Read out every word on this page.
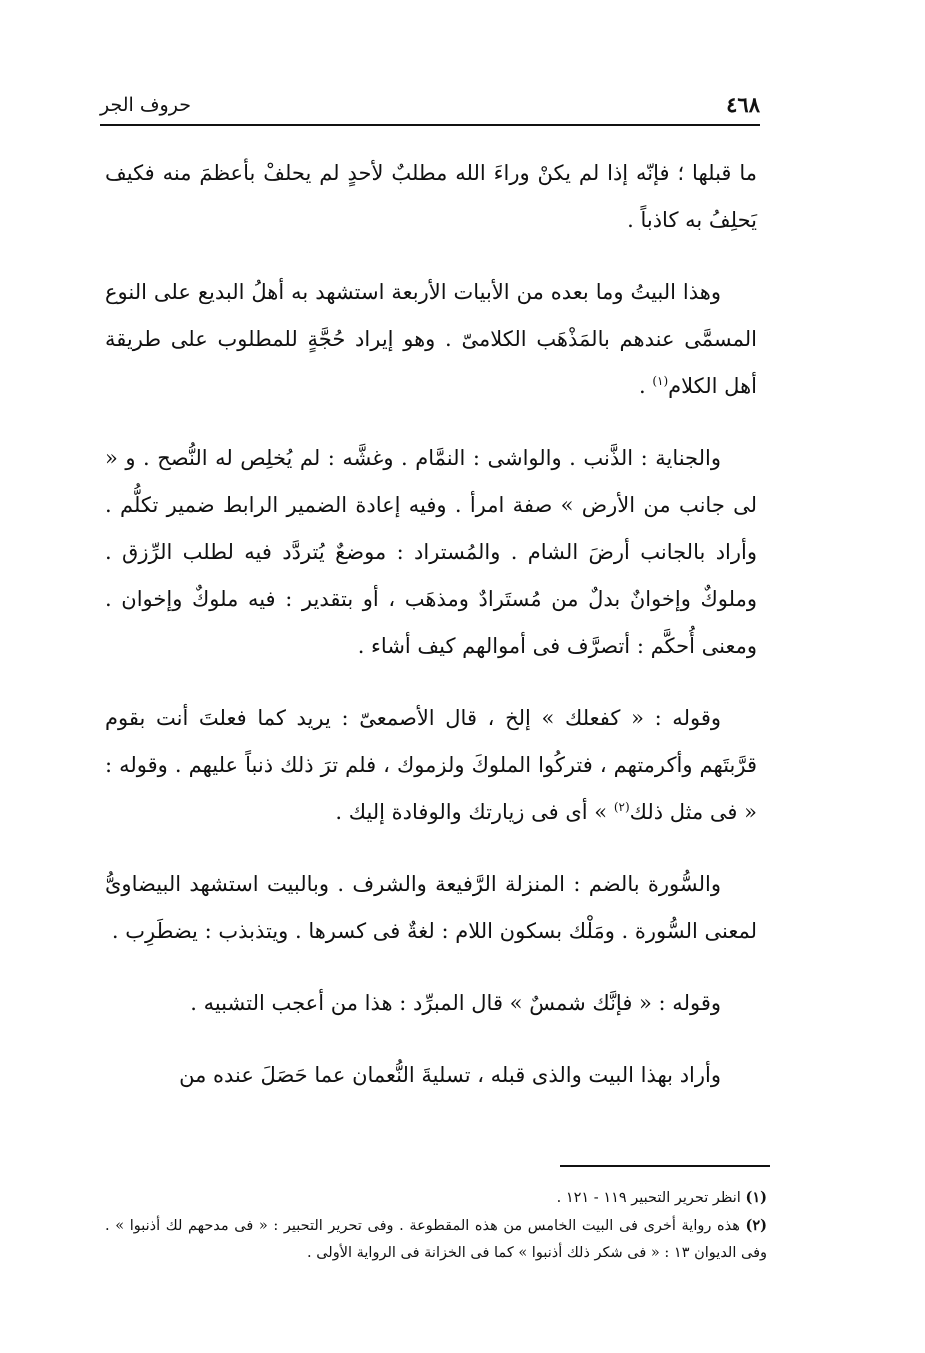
٤٦٨
حروف الجر

ما قبلها ؛ فإنّه إذا لم يكنْ وراءَ الله مطلبٌ لأحدٍ لم يحلفْ بأعظمَ منه فكيف يَحلِفُ به كاذباً .

وهذا البيتُ وما بعده من الأبيات الأربعة استشهد به أهلُ البديع على النوع المسمَّى عندهم بالمَذْهَب الكلامىّ . وهو إيراد حُجَّةٍ للمطلوب على طريقة أهل الكلام$^{(١)}$ .

والجناية : الذَّنب . والواشى : النمَّام . وغشَّه : لم يُخلِص له النُّصح . و « لى جانب من الأرض » صفة امرأ . وفيه إعادة الضمير الرابط ضمير تكلُّم . وأراد بالجانب أرضَ الشام . والمُستراد : موضعٌ يُتردَّد فيه لطلب الرِّزق . وملوكٌ وإخوانٌ بدلٌ من مُستَرادٌ ومذهَب ، أو بتقدير : فيه ملوكٌ وإخوان . ومعنى أُحكَّم : أتصرَّف فى أموالهم كيف أشاء .

وقوله : « كفعلك » إلخ ، قال الأصمعىّ : يريد كما فعلتَ أنت بقوم قرَّبتَهم وأكرمتهم ، فتركُوا الملوكَ ولزموك ، فلم ترَ ذلك ذنباً عليهم . وقوله : « فى مثل ذلك$^{(٢)}$ » أى فى زيارتك والوفادة إليك .

والسُّورة بالضم : المنزلة الرَّفيعة والشرف . وبالبيت استشهد البيضاوىُّ لمعنى السُّورة . ومَلْك بسكون اللام : لغةٌ فى كسرها . ويتذبذب : يضطَرِب .

وقوله : « فإنَّك شمسٌ » قال المبرِّد : هذا من أعجب التشبيه .

وأراد بهذا البيت والذى قبله ، تسليةَ النُّعمان عما حَصَلَ عنده من

(١) انظر تحرير التحبير ١١٩ - ١٢١ .

(٢) هذه رواية أخرى فى البيت الخامس من هذه المقطوعة . وفى تحرير التحبير : « فى مدحهم لك أذنبوا » . وفى الديوان ١٣ : « فى شكر ذلك أذنبوا » كما فى الخزانة فى الرواية الأولى .
